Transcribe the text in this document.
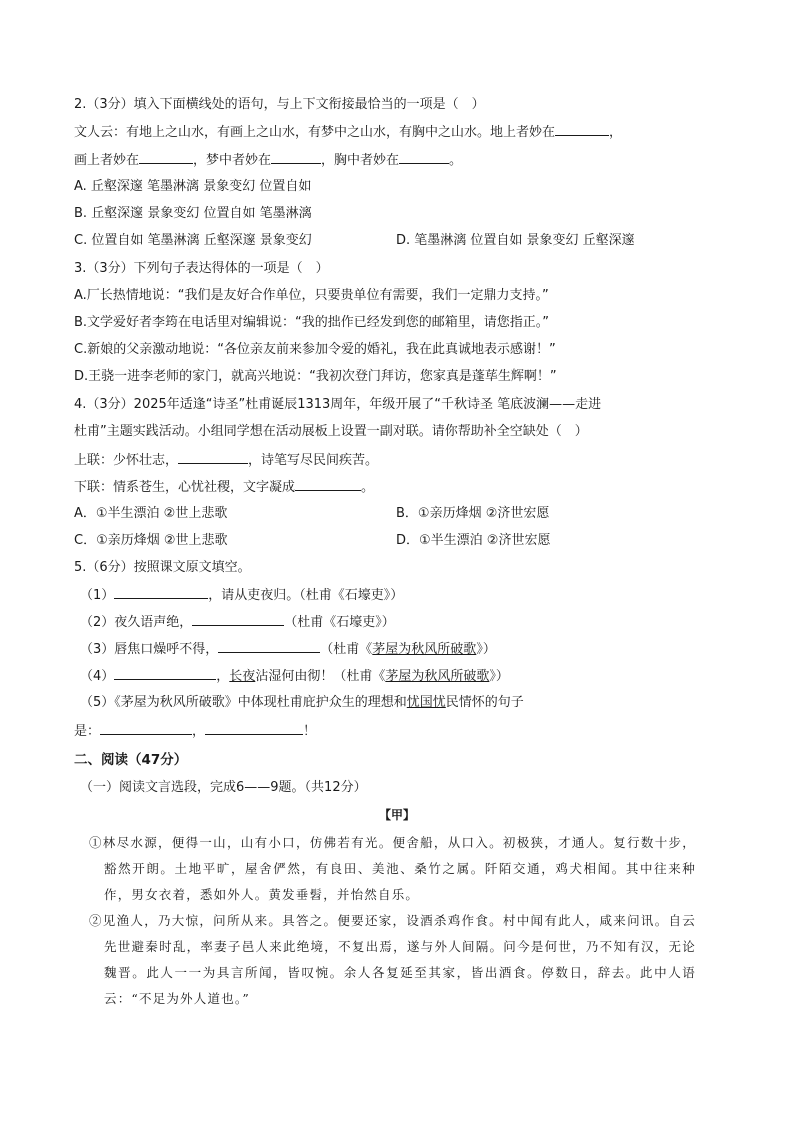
2.（3分）填入下面横线处的语句，与上下文衔接最恰当的一项是（　）
文人云：有地上之山水，有画上之山水，有梦中之山水，有胸中之山水。地上者妙在	，
画上者妙在	，梦中者妙在	，胸中者妙在	。
A. 丘壑深邃 笔墨淋漓 景象变幻 位置自如
B. 丘壑深邃 景象变幻 位置自如 笔墨淋漓
C. 位置自如 笔墨淋漓 丘壑深邃 景象变幻	D. 笔墨淋漓 位置自如 景象变幻 丘壑深邃
3.（3分）下列句子表达得体的一项是（　）
A.厂长热情地说：“我们是友好合作单位，只要贵单位有需要，我们一定鼎力支持。”
B.文学爱好者李筠在电话里对编辑说：“我的拙作已经发到您的邮箱里，请您指正。”
C.新娘的父亲激动地说：“各位亲友前来参加令爱的婚礼，我在此真诚地表示感谢！”
D.王骁一进李老师的家门，就高兴地说：“我初次登门拜访，您家真是蓬荜生辉啊！”
4.（3分）2025年适逢“诗圣”杜甫诞辰1313周年，年级开展了“千秋诗圣 笔底波澜——走进
杜甫”主题实践活动。小组同学想在活动展板上设置一副对联。请你帮助补全空缺处（　）
上联：少怀壮志，	，诗笔写尽民间疾苦。
下联：情系苍生，心忧社稷，文字凝成	。
A．①半生漂泊 ②世上悲歌	B．①亲历烽烟 ②济世宏愿
C．①亲历烽烟 ②世上悲歌	D．①半生漂泊 ②济世宏愿
5.（6分）按照课文原文填空。
（1）	，请从吏夜归。（杜甫《石壕吏》）
（2）夜久语声绝，	（杜甫《石壕吏》）
（3）唇焦口燥呼不得，	（杜甫《茅屋为秋风所破歌》）
（4）	，长夜沾湿何由彻！（杜甫《茅屋为秋风所破歌》）
（5）《茅屋为秋风所破歌》中体现杜甫庇护众生的理想和忧国忧民情怀的句子
是：	，	！
二、阅读（47分）
（一）阅读文言选段，完成6——9题。（共12分）
【甲】

①林尽水源，便得一山，山有小口，仿佛若有光。便舍船，从口入。初极狭，才通人。复行数十步，豁然开朗。土地平旷，屋舍俨然，有良田、美池、桑竹之属。阡陌交通，鸡犬相闻。其中往来种作，男女衣着，悉如外人。黄发垂髫，并怡然自乐。

②见渔人，乃大惊，问所从来。具答之。便要还家，设酒杀鸡作食。村中闻有此人，咸来问讯。自云先世避秦时乱，率妻子邑人来此绝境，不复出焉，遂与外人间隔。问今是何世，乃不知有汉，无论魏晋。此人一一为具言所闻，皆叹惋。余人各复延至其家，皆出酒食。停数日，辞去。此中人语云：“不足为外人道也。”
